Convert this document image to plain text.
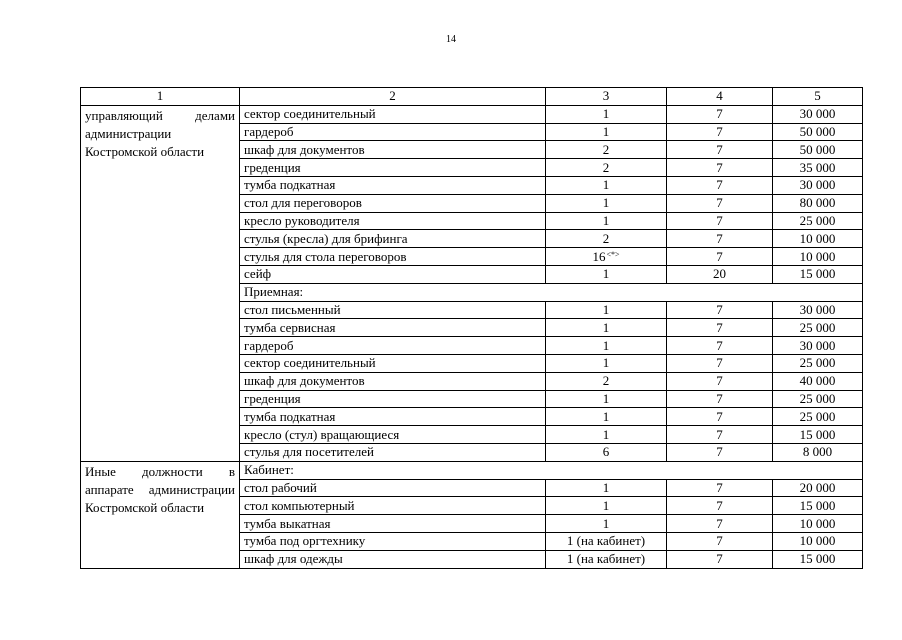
14
1	2	3	4	5
управляющий делами администрации Костромской области	сектор соединительный	1	7	30 000
	гардероб	1	7	50 000
	шкаф для документов	2	7	50 000
	греденция	2	7	35 000
	тумба подкатная	1	7	30 000
	стол для переговоров	1	7	80 000
	кресло руководителя	1	7	25 000
	стулья (кресла) для брифинга	2	7	10 000
	стулья для стола переговоров	16<*>	7	10 000
	сейф	1	20	15 000
	Приемная:			
	стол письменный	1	7	30 000
	тумба сервисная	1	7	25 000
	гардероб	1	7	30 000
	сектор соединительный	1	7	25 000
	шкаф для документов	2	7	40 000
	греденция	1	7	25 000
	тумба подкатная	1	7	25 000
	кресло (стул) вращающиеся	1	7	15 000
	стулья для посетителей	6	7	8 000
Иные должности в аппарате администрации Костромской области	Кабинет:			
	стол рабочий	1	7	20 000
	стол компьютерный	1	7	15 000
	тумба выкатная	1	7	10 000
	тумба под оргтехнику	1 (на кабинет)	7	10 000
	шкаф для одежды	1 (на кабинет)	7	15 000
